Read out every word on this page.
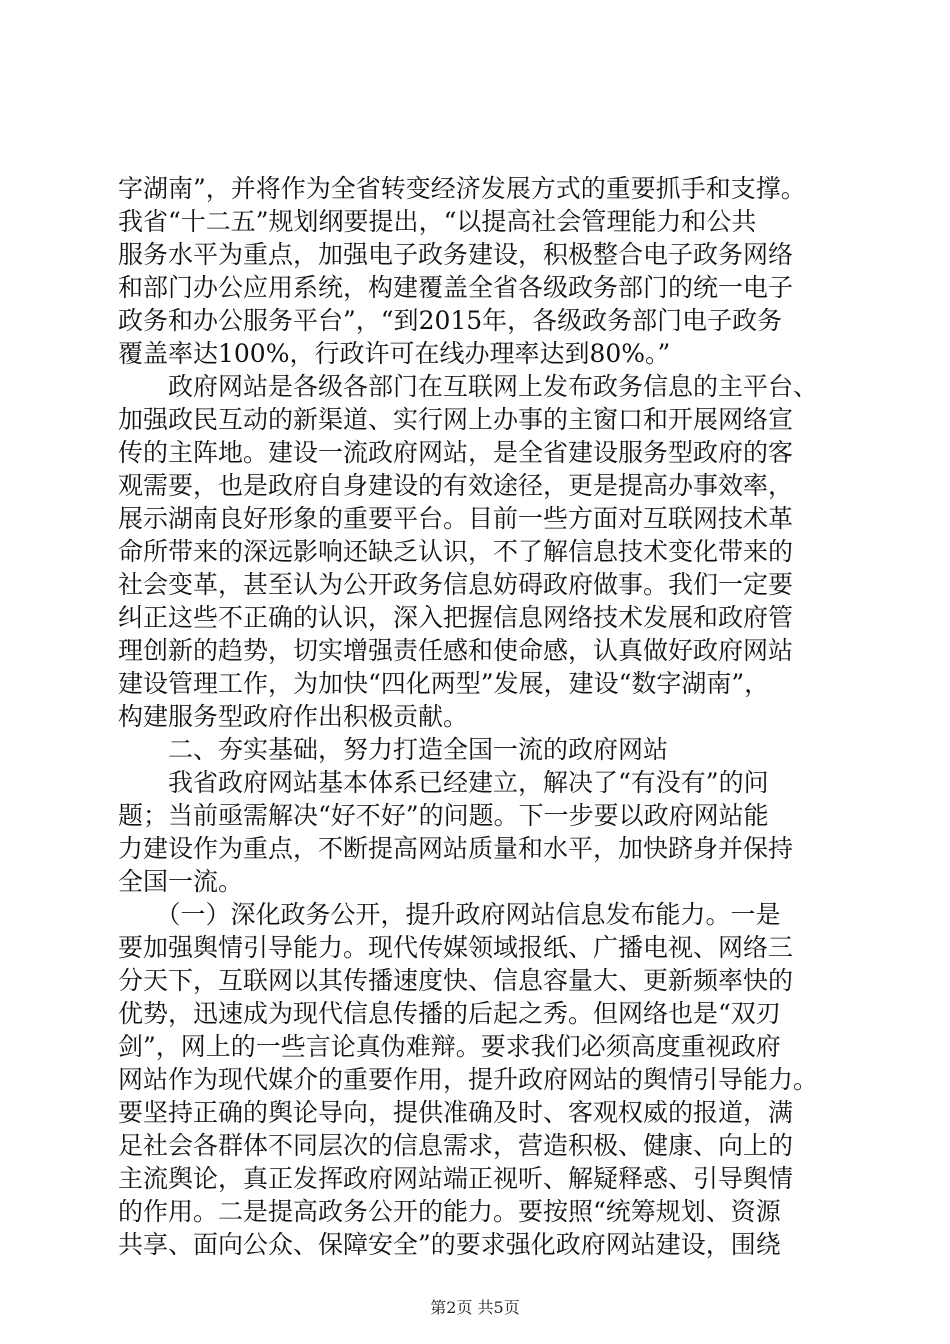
字湖南”，并将作为全省转变经济发展方式的重要抓手和支撑。
我省“十二五”规划纲要提出，“以提高社会管理能力和公共
服务水平为重点，加强电子政务建设，积极整合电子政务网络
和部门办公应用系统，构建覆盖全省各级政务部门的统一电子
政务和办公服务平台”，“到2015年，各级政务部门电子政务
覆盖率达100%，行政许可在线办理率达到80%。”
　　政府网站是各级各部门在互联网上发布政务信息的主平台、
加强政民互动的新渠道、实行网上办事的主窗口和开展网络宣
传的主阵地。建设一流政府网站，是全省建设服务型政府的客
观需要，也是政府自身建设的有效途径，更是提高办事效率，
展示湖南良好形象的重要平台。目前一些方面对互联网技术革
命所带来的深远影响还缺乏认识，不了解信息技术变化带来的
社会变革，甚至认为公开政务信息妨碍政府做事。我们一定要
纠正这些不正确的认识，深入把握信息网络技术发展和政府管
理创新的趋势，切实增强责任感和使命感，认真做好政府网站
建设管理工作，为加快“四化两型”发展，建设“数字湖南”，
构建服务型政府作出积极贡献。
　　二、夯实基础，努力打造全国一流的政府网站
　　我省政府网站基本体系已经建立，解决了“有没有”的问
题；当前亟需解决“好不好”的问题。下一步要以政府网站能
力建设作为重点，不断提高网站质量和水平，加快跻身并保持
全国一流。
　　（一）深化政务公开，提升政府网站信息发布能力。一是
要加强舆情引导能力。现代传媒领域报纸、广播电视、网络三
分天下，互联网以其传播速度快、信息容量大、更新频率快的
优势，迅速成为现代信息传播的后起之秀。但网络也是“双刃
剑”，网上的一些言论真伪难辩。要求我们必须高度重视政府
网站作为现代媒介的重要作用，提升政府网站的舆情引导能力。
要坚持正确的舆论导向，提供准确及时、客观权威的报道，满
足社会各群体不同层次的信息需求，营造积极、健康、向上的
主流舆论，真正发挥政府网站端正视听、解疑释惑、引导舆情
的作用。二是提高政务公开的能力。要按照“统筹规划、资源
共享、面向公众、保障安全”的要求强化政府网站建设，围绕
第2页 共5页
